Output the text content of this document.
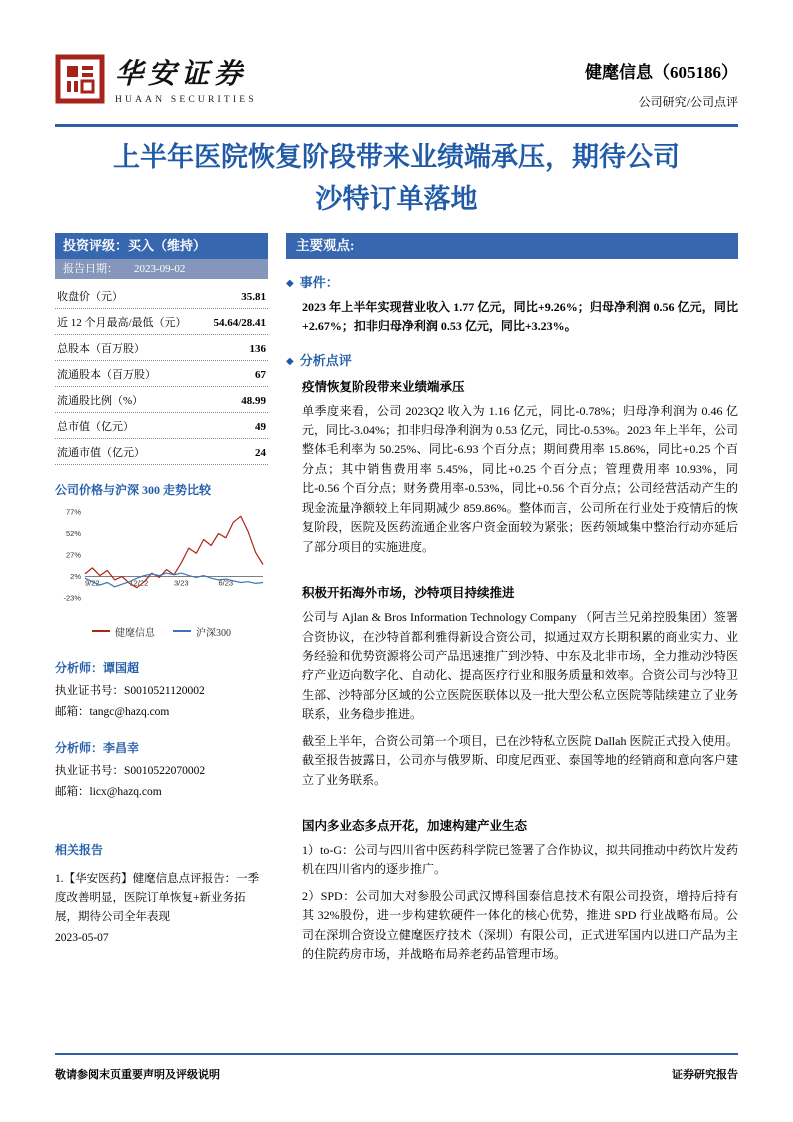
华安证券
HUAAN SECURITIES
健麾信息（605186）
公司研究/公司点评
上半年医院恢复阶段带来业绩端承压，期待公司
沙特订单落地
投资评级：买入（维持）
报告日期： 2023-09-02
收盘价（元）	35.81
近 12 个月最高/最低（元） 54.64/28.41
总股本（百万股）	136
流通股本（百万股）	67
流通股比例（%）	48.99
总市值（亿元）	49
流通市值（亿元）	24
公司价格与沪深 300 走势比较
77%
52%
27%
2%
-23%
9/22	12/22	3/23	6/23
健麾信息	沪深300
分析师：谭国超
执业证书号：S0010521120002
邮箱：tangc@hazq.com
分析师：李昌幸
执业证书号：S0010522070002
邮箱：licx@hazq.com
相关报告
1.【华安医药】健麾信息点评报告：一季度改善明显，医院订单恢复+新业务拓展，期待公司全年表现
2023-05-07
主要观点:
◆ 事件：

2023 年上半年实现营业收入 1.77 亿元，同比+9.26%；归母净利润 0.56 亿元，同比+2.67%；扣非归母净利润 0.53 亿元，同比+3.23%。

◆ 分析点评
疫情恢复阶段带来业绩端承压

单季度来看，公司 2023Q2 收入为 1.16 亿元，同比-0.78%；归母净利润为 0.46 亿元，同比-3.04%；扣非归母净利润为 0.53 亿元，同比-0.53%。2023 年上半年，公司整体毛利率为 50.25%、同比-6.93 个百分点；期间费用率 15.86%，同比+0.25 个百分点；其中销售费用率 5.45%，同比+0.25 个百分点；管理费用率 10.93%，同比-0.56 个百分点；财务费用率-0.53%，同比+0.56 个百分点；公司经营活动产生的现金流量净额较上年同期减少 859.86%。整体而言，公司所在行业处于疫情后的恢复阶段，医院及医药流通企业客户资金面较为紧张；医药领域集中整治行动亦延后了部分项目的实施进度。

积极开拓海外市场，沙特项目持续推进

公司与 Ajlan & Bros Information Technology Company （阿吉兰兄弟控股集团）签署合资协议，在沙特首都利雅得新设合资公司，拟通过双方长期积累的商业实力、业务经验和优势资源将公司产品迅速推广到沙特、中东及北非市场，全力推动沙特医疗产业迈向数字化、自动化、提高医疗行业和服务质量和效率。合资公司与沙特卫生部、沙特部分区域的公立医院医联体以及一批大型公私立医院等陆续建立了业务联系，业务稳步推进。

截至上半年，合资公司第一个项目，已在沙特私立医院 Dallah 医院正式投入使用。截至报告披露日，公司亦与俄罗斯、印度尼西亚、泰国等地的经销商和意向客户建立了业务联系。

国内多业态多点开花，加速构建产业生态

1）to-G：公司与四川省中医药科学院已签署了合作协议，拟共同推动中药饮片发药机在四川省内的逐步推广。

2）SPD：公司加大对参股公司武汉博科国泰信息技术有限公司投资，增持后持有其 32%股份，进一步构建软硬件一体化的核心优势，推进 SPD 行业战略布局。公司在深圳合资设立健麾医疗技术（深圳）有限公司，正式进军国内以进口产品为主的住院药房市场，并战略布局养老药品管理市场。

敬请参阅末页重要声明及评级说明	证券研究报告
